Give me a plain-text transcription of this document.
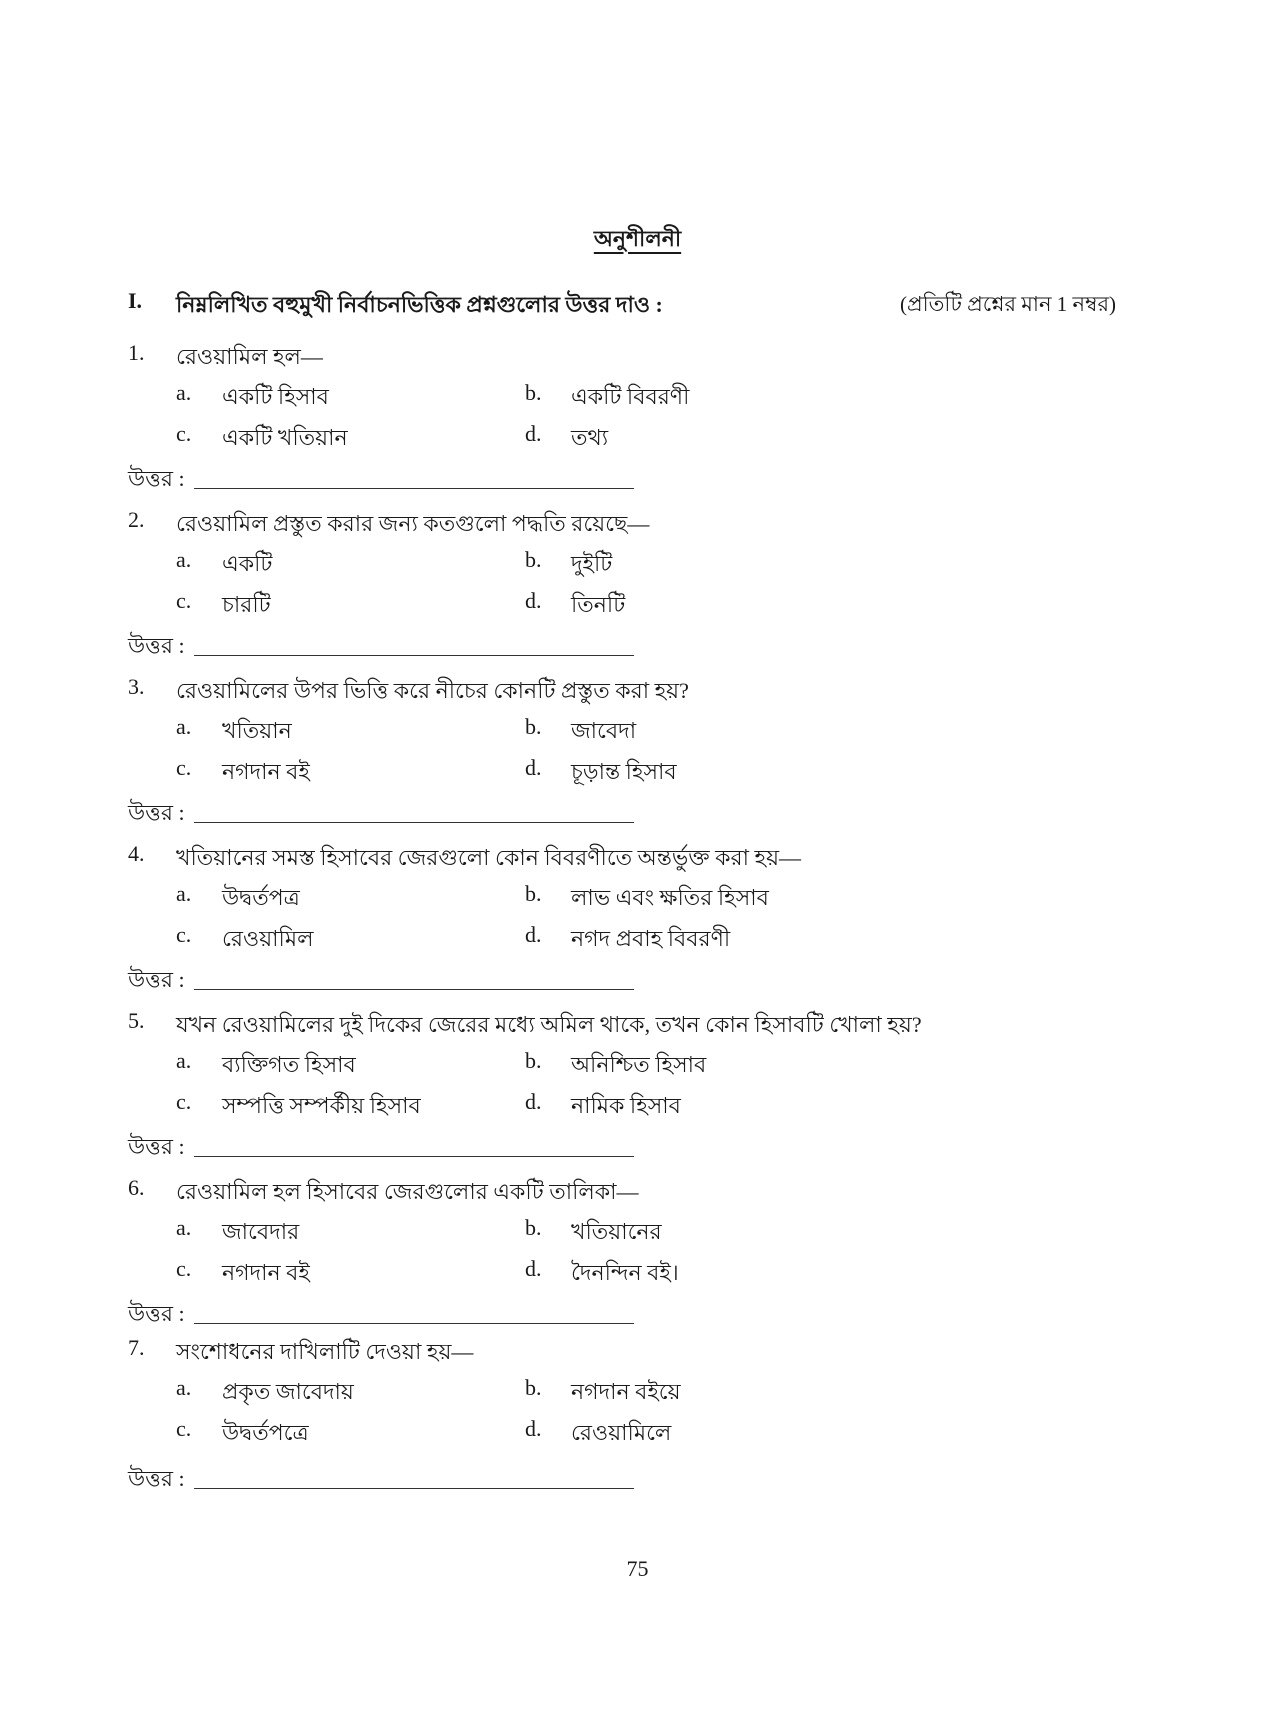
অনুশীলনী
I. নিম্নলিখিত বহুমুখী নির্বাচনভিত্তিক প্রশ্নগুলোর উত্তর দাও :	(প্রতিটি প্রশ্নের মান 1 নম্বর)
1. রেওয়ামিল হল—
a. একটি হিসাব	b. একটি বিবরণী
c. একটি খতিয়ান	d. তথ্য
উত্তর :
2. রেওয়ামিল প্রস্তুত করার জন্য কতগুলো পদ্ধতি রয়েছে—
a. একটি	b. দুইটি
c. চারটি	d. তিনটি
উত্তর :
3. রেওয়ামিলের উপর ভিত্তি করে নীচের কোনটি প্রস্তুত করা হয়?
a. খতিয়ান	b. জাবেদা
c. নগদান বই	d. চূড়ান্ত হিসাব
উত্তর :
4. খতিয়ানের সমস্ত হিসাবের জেরগুলো কোন বিবরণীতে অন্তর্ভুক্ত করা হয়—
a. উদ্বর্তপত্র	b. লাভ এবং ক্ষতির হিসাব
c. রেওয়ামিল	d. নগদ প্রবাহ বিবরণী
উত্তর :
5. যখন রেওয়ামিলের দুই দিকের জেরের মধ্যে অমিল থাকে, তখন কোন হিসাবটি খোলা হয়?
a. ব্যক্তিগত হিসাব	b. অনিশ্চিত হিসাব
c. সম্পত্তি সম্পর্কীয় হিসাব	d. নামিক হিসাব
উত্তর :
6. রেওয়ামিল হল হিসাবের জেরগুলোর একটি তালিকা—
a. জাবেদার	b. খতিয়ানের
c. নগদান বই	d. দৈনন্দিন বই।
উত্তর :
7. সংশোধনের দাখিলাটি দেওয়া হয়—
a. প্রকৃত জাবেদায়	b. নগদান বইয়ে
c. উদ্বর্তপত্রে	d. রেওয়ামিলে
উত্তর :
75
